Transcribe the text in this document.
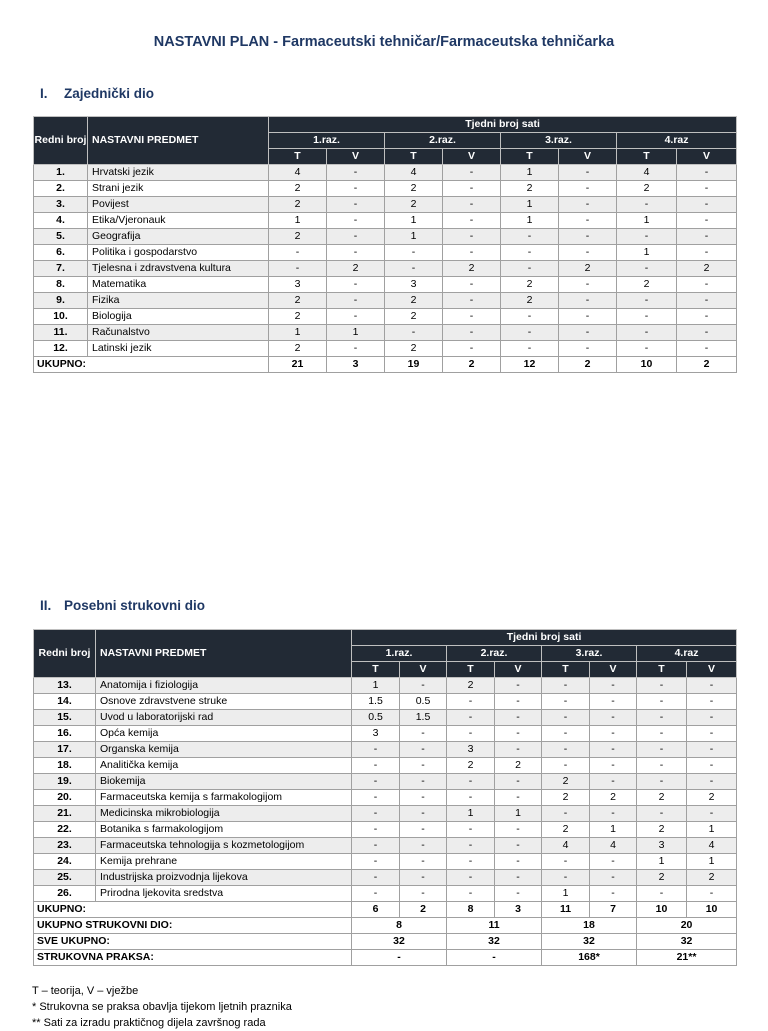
NASTAVNI PLAN - Farmaceutski tehničar/Farmaceutska tehničarka
I. Zajednički dio
Redni broj	NASTAVNI PREDMET	Tjedni broj sati							
		1.raz.		2.raz.		3.raz.		4.raz	
		T	V	T	V	T	V	T	V
1.	Hrvatski jezik	4	-	4	-	1	-	4	-
2.	Strani jezik	2	-	2	-	2	-	2	-
3.	Povijest	2	-	2	-	1	-	-	-
4.	Etika/Vjeronauk	1	-	1	-	1	-	1	-
5.	Geografija	2	-	1	-	-	-	-	-
6.	Politika i gospodarstvo	-	-	-	-	-	-	1	-
7.	Tjelesna i zdravstvena kultura	-	2	-	2	-	2	-	2
8.	Matematika	3	-	3	-	2	-	2	-
9.	Fizika	2	-	2	-	2	-	-	-
10.	Biologija	2	-	2	-	-	-	-	-
11.	Računalstvo	1	1	-	-	-	-	-	-
12.	Latinski jezik	2	-	2	-	-	-	-	-
UKUPNO:		21	3	19	2	12	2	10	2
II. Posebni strukovni dio
Redni broj	NASTAVNI PREDMET	Tjedni broj sati							
		1.raz.		2.raz.		3.raz.		4.raz	
		T	V	T	V	T	V	T	V
13.	Anatomija i fiziologija	1	-	2	-	-	-	-	-
14.	Osnove zdravstvene struke	1.5	0.5	-	-	-	-	-	-
15.	Uvod u laboratorijski rad	0.5	1.5	-	-	-	-	-	-
16.	Opća kemija	3	-	-	-	-	-	-	-
17.	Organska kemija	-	-	3	-	-	-	-	-
18.	Analitička kemija	-	-	2	2	-	-	-	-
19.	Biokemija	-	-	-	-	2	-	-	-
20.	Farmaceutska kemija s farmakologijom	-	-	-	-	2	2	2	2
21.	Medicinska mikrobiologija	-	-	1	1	-	-	-	-
22.	Botanika s farmakologijom	-	-	-	-	2	1	2	1
23.	Farmaceutska tehnologija s kozmetologijom	-	-	-	-	4	4	3	4
24.	Kemija prehrane	-	-	-	-	-	-	1	1
25.	Industrijska proizvodnja lijekova	-	-	-	-	-	-	2	2
26.	Prirodna ljekovita sredstva	-	-	-	-	1	-	-	-
UKUPNO:		6	2	8	3	11	7	10	10
UKUPNO STRUKOVNI DIO:		8		11		18		20	
SVE UKUPNO:		32		32		32		32	
STRUKOVNA PRAKSA:		-		-		168*		21**	
T – teorija, V – vježbe
* Strukovna se praksa obavlja tijekom ljetnih praznika
** Sati za izradu praktičnog dijela završnog rada
